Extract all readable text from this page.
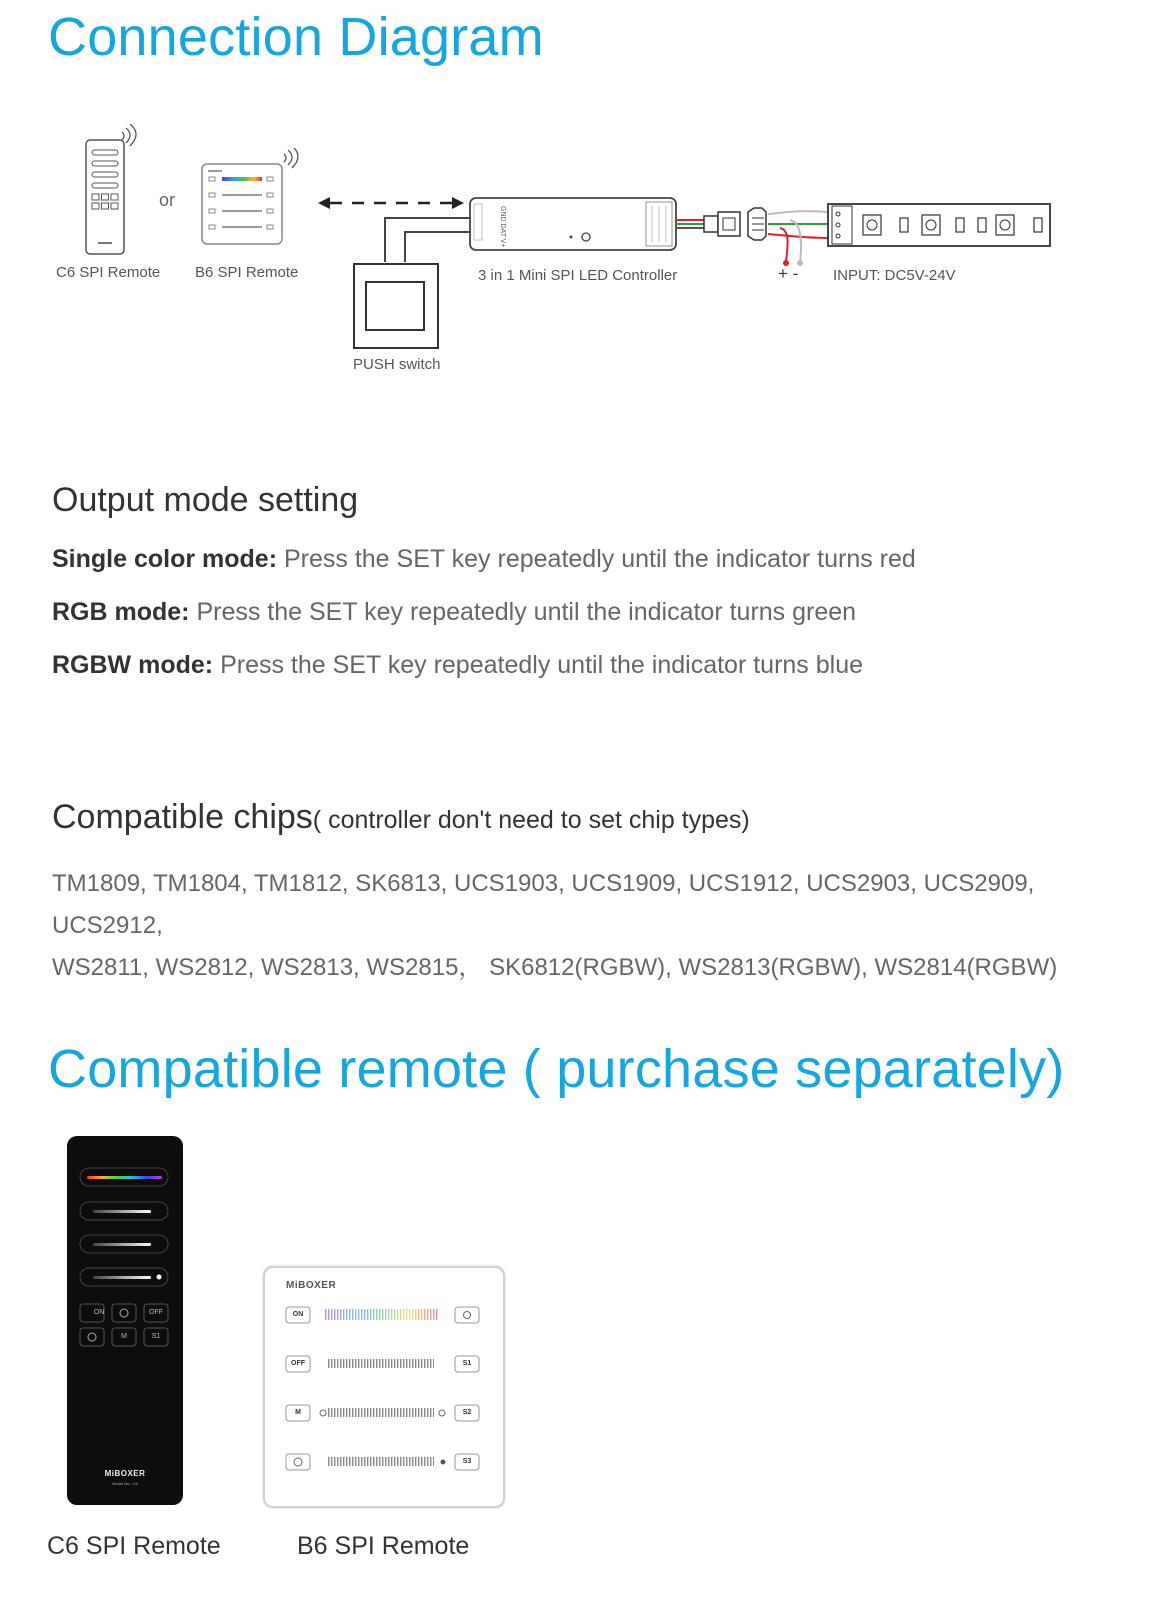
Connection Diagram
C6 SPI Remote
or
B6 SPI Remote
GND DAT V+
3 in 1 Mini SPI LED Controller	+ - INPUT: DC5V-24V
PUSH switch
Output mode setting
Single color mode: Press the SET key repeatedly until the indicator turns red
RGB mode: Press the SET key repeatedly until the indicator turns green
RGBW mode: Press the SET key repeatedly until the indicator turns blue
Compatible chips( controller don't need to set chip types)
TM1809, TM1804, TM1812, SK6813, UCS1903, UCS1909, UCS1912, UCS2903, UCS2909, UCS2912,
WS2811, WS2812, WS2813, WS2815， SK6812(RGBW), WS2813(RGBW), WS2814(RGBW)
Compatible remote ( purchase separately)
ON	OFF
M	S1
MiBOXER
Model No.: C6
C6 SPI Remote
MiBOXER
ON
OFF
M
S1
S2
S3
B6 SPI Remote
